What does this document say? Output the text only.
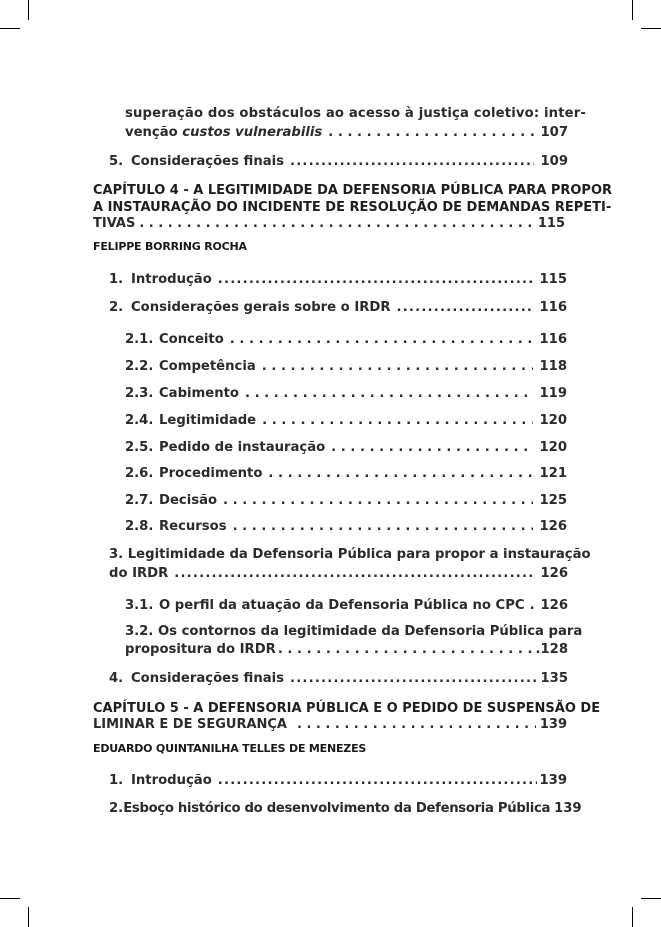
superação dos obstáculos ao acesso à justiça coletivo: inter-
venção custos vulnerabilis . . .	107
5. Considerações finais .....	109
CAPÍTULO 4 - A LEGITIMIDADE DA DEFENSORIA PÚBLICA PARA PROPOR
A INSTAURAÇÃO DO INCIDENTE DE RESOLUÇÃO DE DEMANDAS REPETI-
TIVAS . . .	115
FELIPPE BORRING ROCHA
1. Introdução .....	115
2. Considerações gerais sobre o IRDR .....	116
2.1. Conceito . . .	116
2.2. Competência . . .	118
2.3. Cabimento . . .	119
2.4. Legitimidade . . .	120
2.5. Pedido de instauração . . .	120
2.6. Procedimento . . .	121
2.7. Decisão . . .	125
2.8. Recursos . . .	126
3. Legitimidade da Defensoria Pública para propor a instauração
do IRDR .....	126
3.1. O perfil da atuação da Defensoria Pública no CPC . . . 126
3.2. Os contornos da legitimidade da Defensoria Pública para
propositura do IRDR . . .	.128
4. Considerações finais .....	135
CAPÍTULO 5 - A DEFENSORIA PÚBLICA E O PEDIDO DE SUSPENSÃO DE
LIMINAR E DE SEGURANÇA . . .	139
EDUARDO QUINTANILHA TELLES DE MENEZES
1. Introdução .....	139
2. Esboço histórico do desenvolvimento da Defensoria Pública 139
